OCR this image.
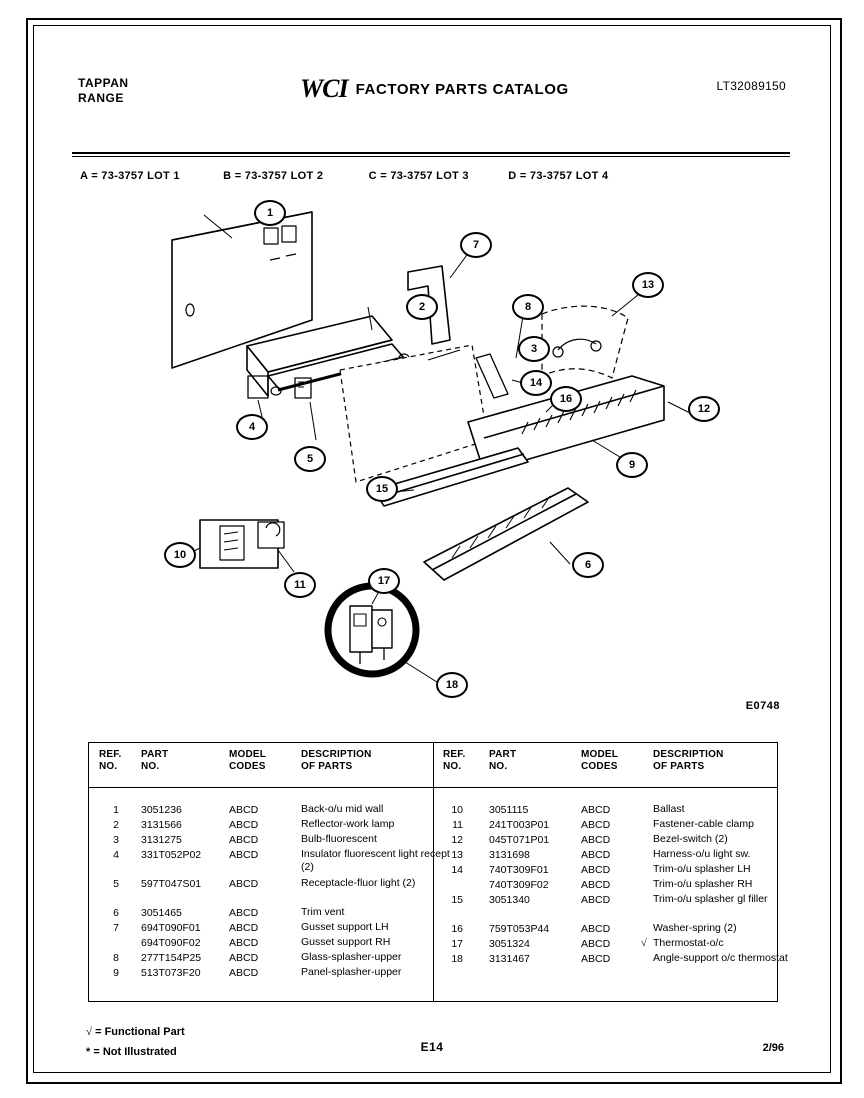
TAPPAN
RANGE	WCI FACTORY PARTS CATALOG	LT32089150
A = 73-3757 LOT 1	B = 73-3757 LOT 2	C = 73-3757 LOT 3	D = 73-3757 LOT 4
1
2
3
4
5
6
7
8
9
10
11
12
13
14
15
16
17
18
E0748
REF.
NO.
PART
NO.
MODEL
CODES
DESCRIPTION
OF PARTS
REF.
NO.
PART
NO.
MODEL
CODES
DESCRIPTION
OF PARTS
1 3051236	ABCD	Back-o/u mid wall
2 3131566	ABCD	Reflector-work lamp
3 3131275	ABCD	Bulb-fluorescent
4 331T052P02	ABCD	Insulator fluorescent light recept (2)
5 597T047S01	ABCD	Receptacle-fluor light (2)
6 3051465	ABCD	Trim vent
7 694T090F01	ABCD	Gusset support LH
694T090F02	ABCD	Gusset support RH
8 277T154P25	ABCD	Glass-splasher-upper
9 513T073F20	ABCD	Panel-splasher-upper
10 3051115	ABCD	Ballast
11 241T003P01	ABCD	Fastener-cable clamp
12 045T071P01	ABCD	Bezel-switch (2)
13 3131698	ABCD	Harness-o/u light sw.
14 740T309F01	ABCD	Trim-o/u splasher LH
740T309F02	ABCD	Trim-o/u splasher RH
15 3051340	ABCD	Trim-o/u splasher gl filler
16 759T053P44	ABCD	Washer-spring (2)
17 3051324	ABCD	√ Thermostat-o/c
18 3131467	ABCD	Angle-support o/c thermostat
√ = Functional Part
* = Not Illustrated	E14	2/96
